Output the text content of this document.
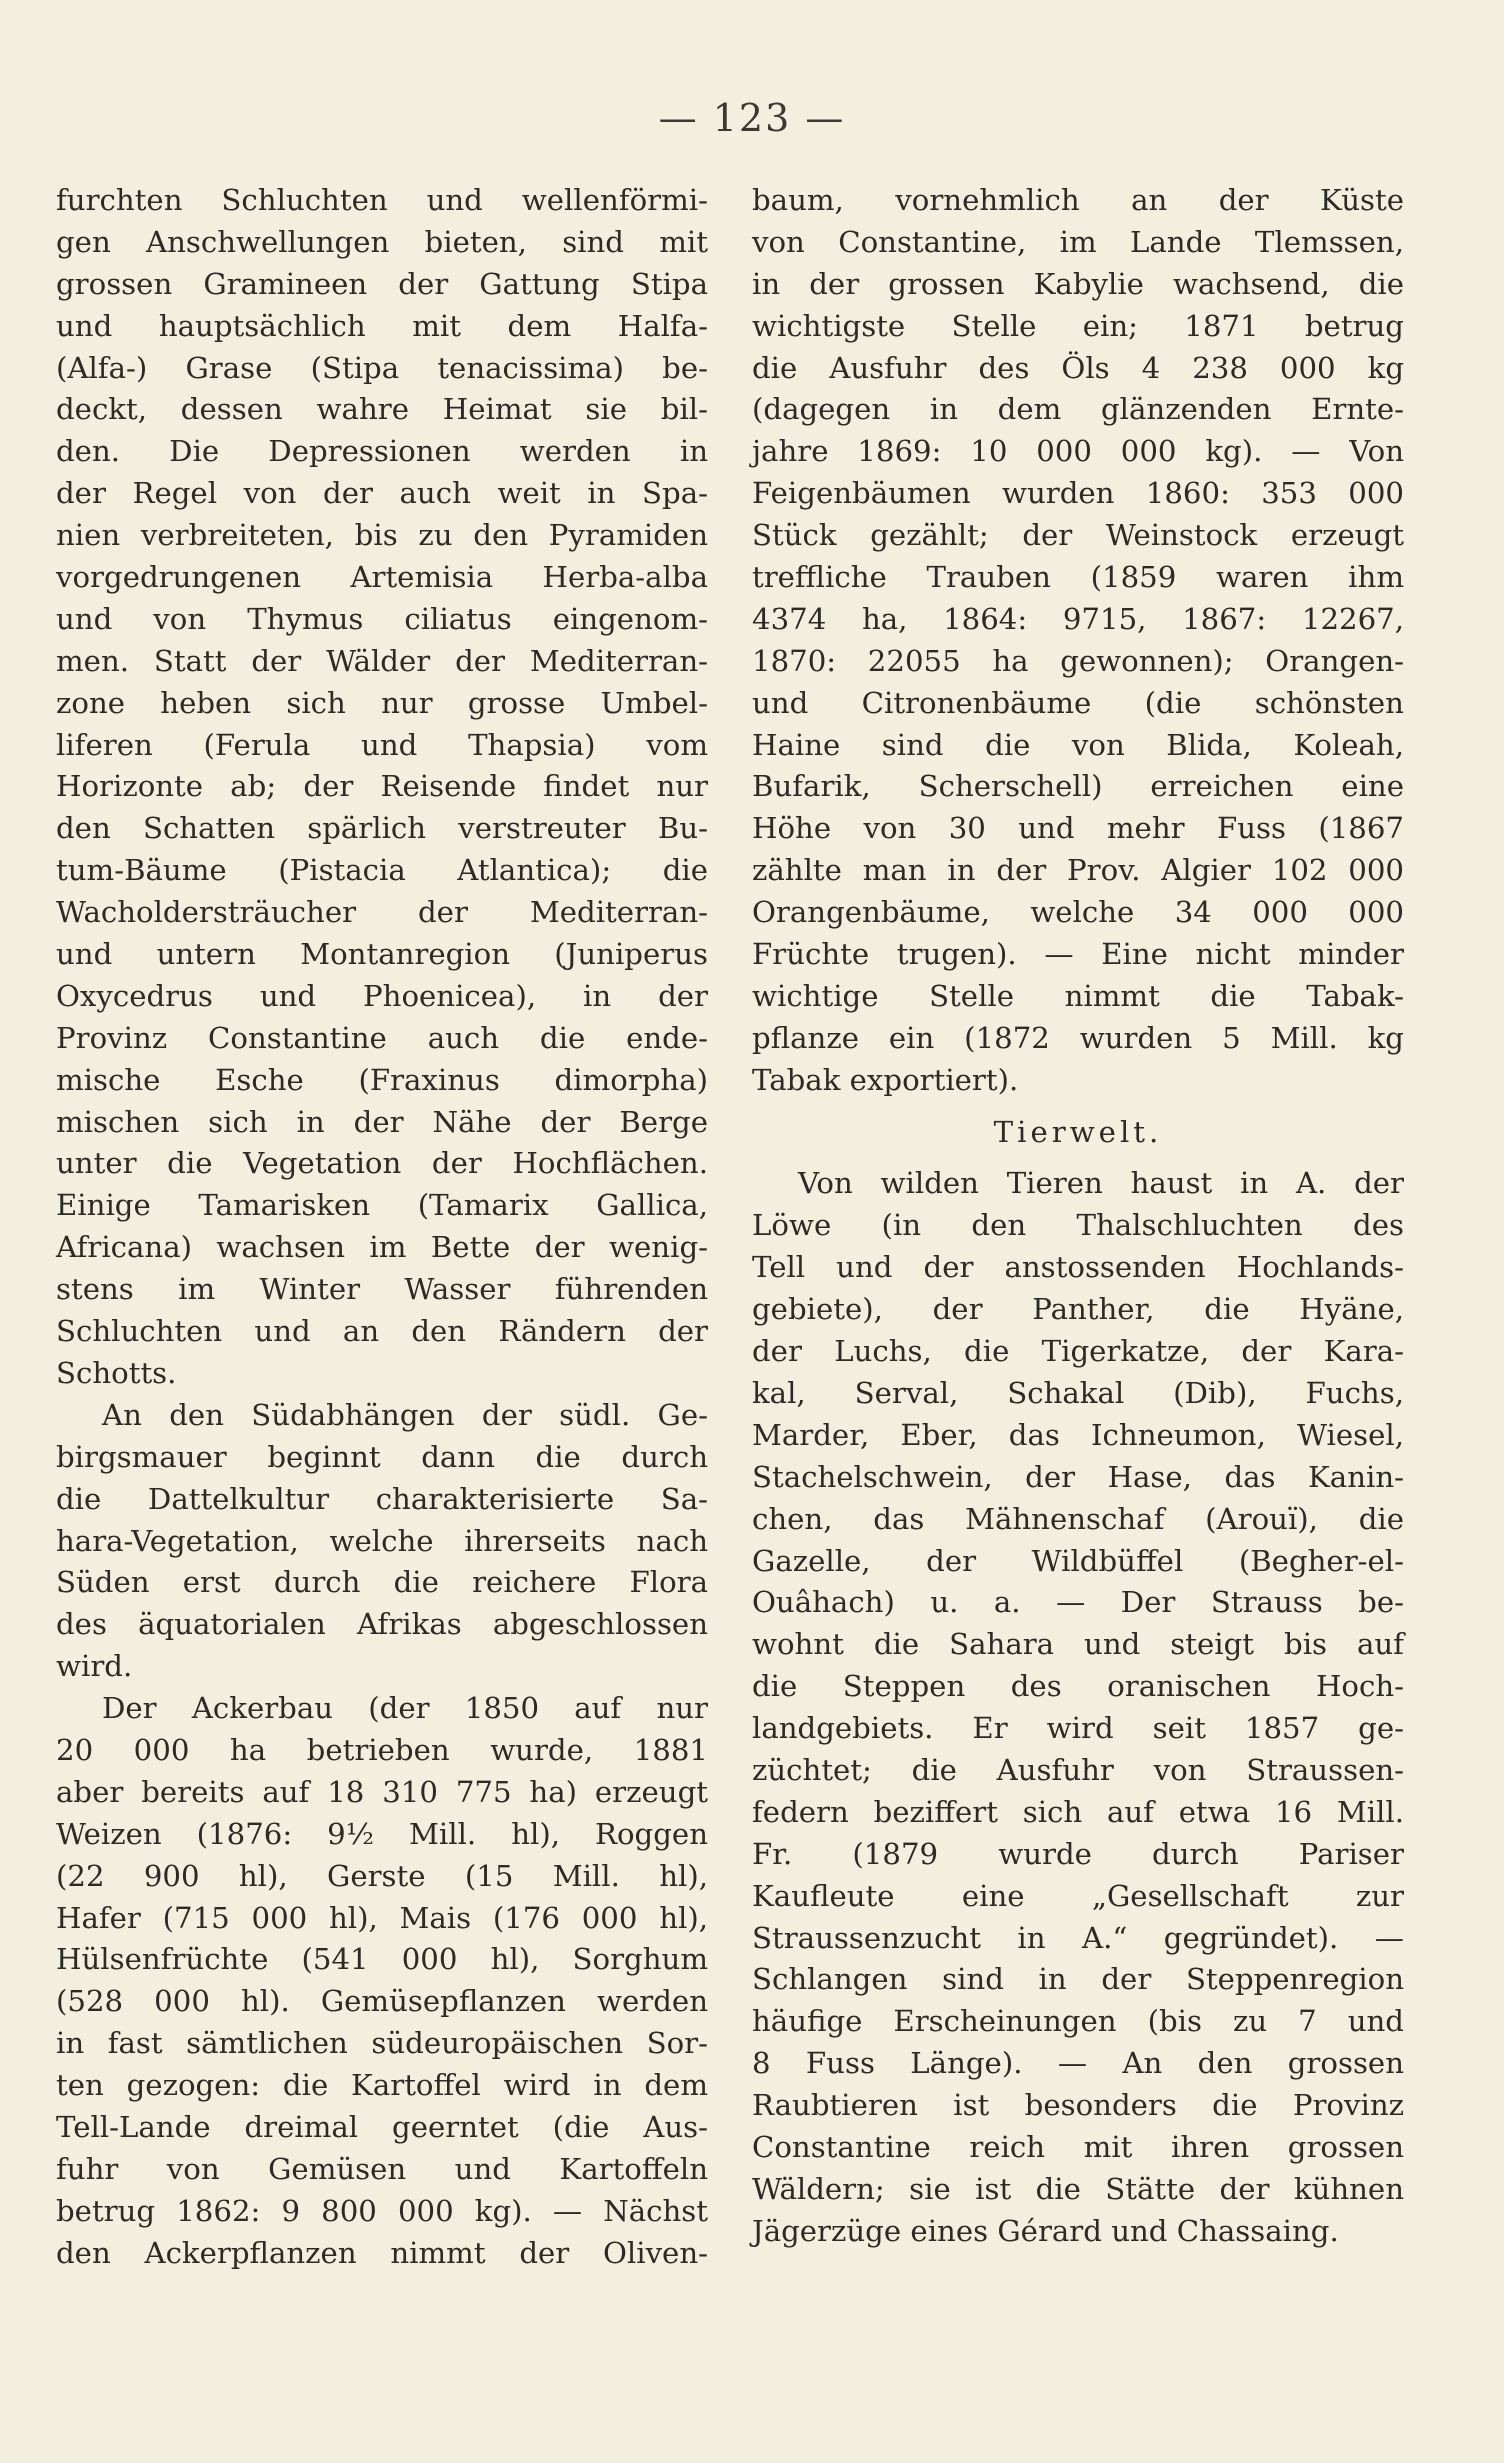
— 123 —
furchten Schluchten und wellenförmi-
gen Anschwellungen bieten, sind mit
grossen Gramineen der Gattung Stipa
und hauptsächlich mit dem Halfa-
(Alfa-) Grase (Stipa tenacissima) be-
deckt, dessen wahre Heimat sie bil-
den. Die Depressionen werden in
der Regel von der auch weit in Spa-
nien verbreiteten, bis zu den Pyramiden
vorgedrungenen Artemisia Herba-alba
und von Thymus ciliatus eingenom-
men. Statt der Wälder der Mediterran-
zone heben sich nur grosse Umbel-
liferen (Ferula und Thapsia) vom
Horizonte ab; der Reisende findet nur
den Schatten spärlich verstreuter Bu-
tum-Bäume (Pistacia Atlantica); die
Wacholdersträucher der Mediterran-
und untern Montanregion (Juniperus
Oxycedrus und Phoenicea), in der
Provinz Constantine auch die ende-
mische Esche (Fraxinus dimorpha)
mischen sich in der Nähe der Berge
unter die Vegetation der Hochflächen.
Einige Tamarisken (Tamarix Gallica,
Africana) wachsen im Bette der wenig-
stens im Winter Wasser führenden
Schluchten und an den Rändern der
Schotts.
An den Südabhängen der südl. Ge-
birgsmauer beginnt dann die durch
die Dattelkultur charakterisierte Sa-
hara-Vegetation, welche ihrerseits nach
Süden erst durch die reichere Flora
des äquatorialen Afrikas abgeschlossen
wird.
Der Ackerbau (der 1850 auf nur
20 000 ha betrieben wurde, 1881
aber bereits auf 18 310 775 ha) erzeugt
Weizen (1876: 9½ Mill. hl), Roggen
(22 900 hl), Gerste (15 Mill. hl),
Hafer (715 000 hl), Mais (176 000 hl),
Hülsenfrüchte (541 000 hl), Sorghum
(528 000 hl). Gemüsepflanzen werden
in fast sämtlichen südeuropäischen Sor-
ten gezogen: die Kartoffel wird in dem
Tell-Lande dreimal geerntet (die Aus-
fuhr von Gemüsen und Kartoffeln
betrug 1862: 9 800 000 kg). — Nächst
den Ackerpflanzen nimmt der Oliven-
baum, vornehmlich an der Küste
von Constantine, im Lande Tlemssen,
in der grossen Kabylie wachsend, die
wichtigste Stelle ein; 1871 betrug
die Ausfuhr des Öls 4 238 000 kg
(dagegen in dem glänzenden Ernte-
jahre 1869: 10 000 000 kg). — Von
Feigenbäumen wurden 1860: 353 000
Stück gezählt; der Weinstock erzeugt
treffliche Trauben (1859 waren ihm
4374 ha, 1864: 9715, 1867: 12267,
1870: 22055 ha gewonnen); Orangen-
und Citronenbäume (die schönsten
Haine sind die von Blida, Koleah,
Bufarik, Scherschell) erreichen eine
Höhe von 30 und mehr Fuss (1867
zählte man in der Prov. Algier 102 000
Orangenbäume, welche 34 000 000
Früchte trugen). — Eine nicht minder
wichtige Stelle nimmt die Tabak-
pflanze ein (1872 wurden 5 Mill. kg
Tabak exportiert).
Tierwelt.
Von wilden Tieren haust in A. der
Löwe (in den Thalschluchten des
Tell und der anstossenden Hochlands-
gebiete), der Panther, die Hyäne,
der Luchs, die Tigerkatze, der Kara-
kal, Serval, Schakal (Dib), Fuchs,
Marder, Eber, das Ichneumon, Wiesel,
Stachelschwein, der Hase, das Kanin-
chen, das Mähnenschaf (Arouï), die
Gazelle, der Wildbüffel (Begher-el-
Ouâhach) u. a. — Der Strauss be-
wohnt die Sahara und steigt bis auf
die Steppen des oranischen Hoch-
landgebiets. Er wird seit 1857 ge-
züchtet; die Ausfuhr von Straussen-
federn beziffert sich auf etwa 16 Mill.
Fr. (1879 wurde durch Pariser
Kaufleute eine „Gesellschaft zur
Straussenzucht in A.“ gegründet). —
Schlangen sind in der Steppenregion
häufige Erscheinungen (bis zu 7 und
8 Fuss Länge). — An den grossen
Raubtieren ist besonders die Provinz
Constantine reich mit ihren grossen
Wäldern; sie ist die Stätte der kühnen
Jägerzüge eines Gérard und Chassaing.
